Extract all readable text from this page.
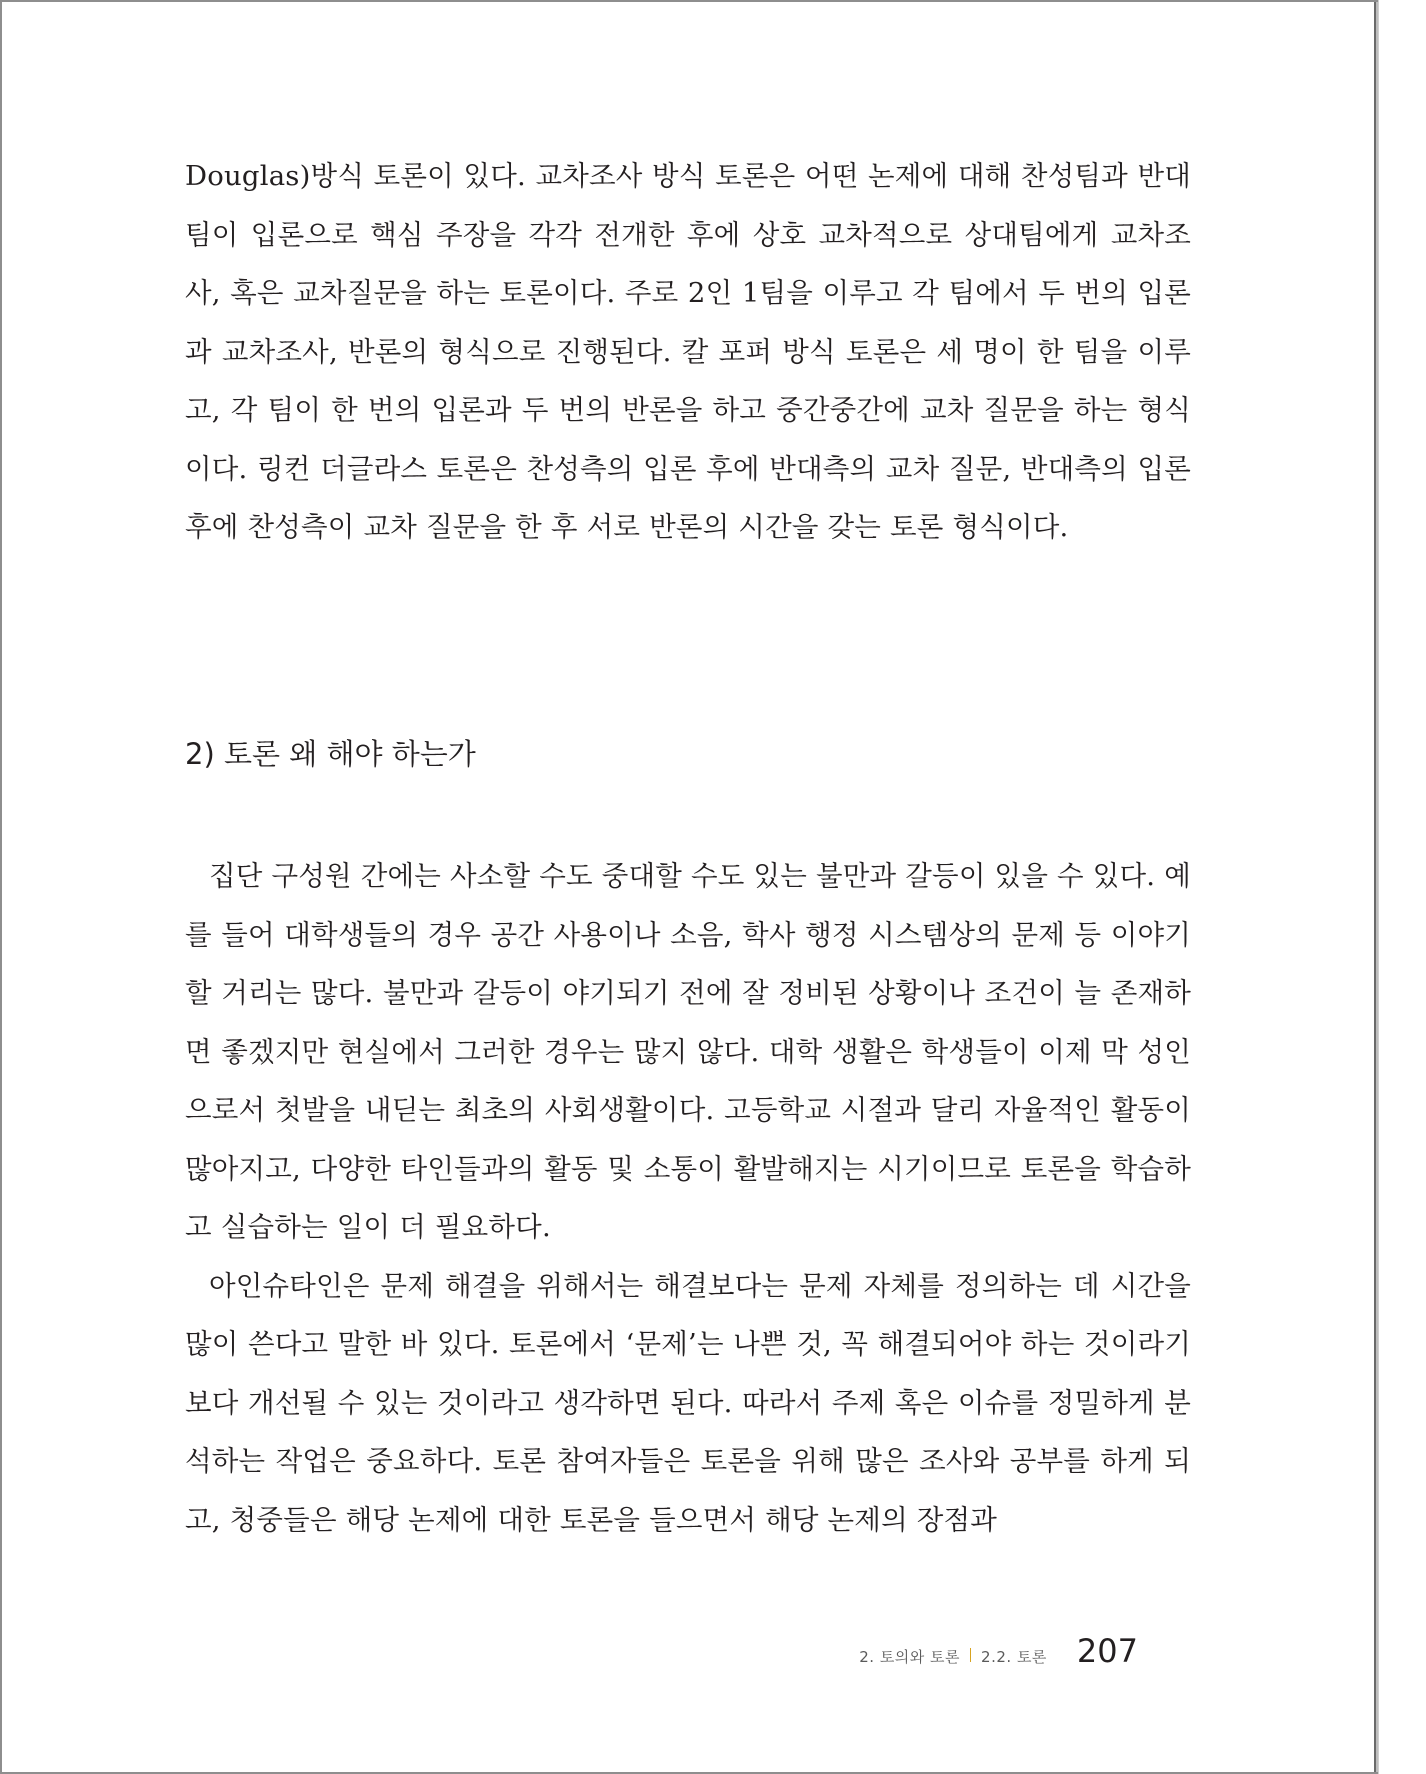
Douglas)방식 토론이 있다. 교차조사 방식 토론은 어떤 논제에 대해 찬성팀과 반대팀이 입론으로 핵심 주장을 각각 전개한 후에 상호 교차적으로 상대팀에게 교차조사, 혹은 교차질문을 하는 토론이다. 주로 2인 1팀을 이루고 각 팀에서 두 번의 입론과 교차조사, 반론의 형식으로 진행된다. 칼 포퍼 방식 토론은 세 명이 한 팀을 이루고, 각 팀이 한 번의 입론과 두 번의 반론을 하고 중간중간에 교차 질문을 하는 형식이다. 링컨 더글라스 토론은 찬성측의 입론 후에 반대측의 교차 질문, 반대측의 입론 후에 찬성측이 교차 질문을 한 후 서로 반론의 시간을 갖는 토론 형식이다.

2) 토론 왜 해야 하는가

집단 구성원 간에는 사소할 수도 중대할 수도 있는 불만과 갈등이 있을 수 있다. 예를 들어 대학생들의 경우 공간 사용이나 소음, 학사 행정 시스템상의 문제 등 이야기할 거리는 많다. 불만과 갈등이 야기되기 전에 잘 정비된 상황이나 조건이 늘 존재하면 좋겠지만 현실에서 그러한 경우는 많지 않다. 대학 생활은 학생들이 이제 막 성인으로서 첫발을 내딛는 최초의 사회생활이다. 고등학교 시절과 달리 자율적인 활동이 많아지고, 다양한 타인들과의 활동 및 소통이 활발해지는 시기이므로 토론을 학습하고 실습하는 일이 더 필요하다.

아인슈타인은 문제 해결을 위해서는 해결보다는 문제 자체를 정의하는 데 시간을 많이 쓴다고 말한 바 있다. 토론에서 ‘문제’는 나쁜 것, 꼭 해결되어야 하는 것이라기보다 개선될 수 있는 것이라고 생각하면 된다. 따라서 주제 혹은 이슈를 정밀하게 분석하는 작업은 중요하다. 토론 참여자들은 토론을 위해 많은 조사와 공부를 하게 되고, 청중들은 해당 논제에 대한 토론을 들으면서 해당 논제의 장점과

2. 토의와 토론 2.2. 토론 207
